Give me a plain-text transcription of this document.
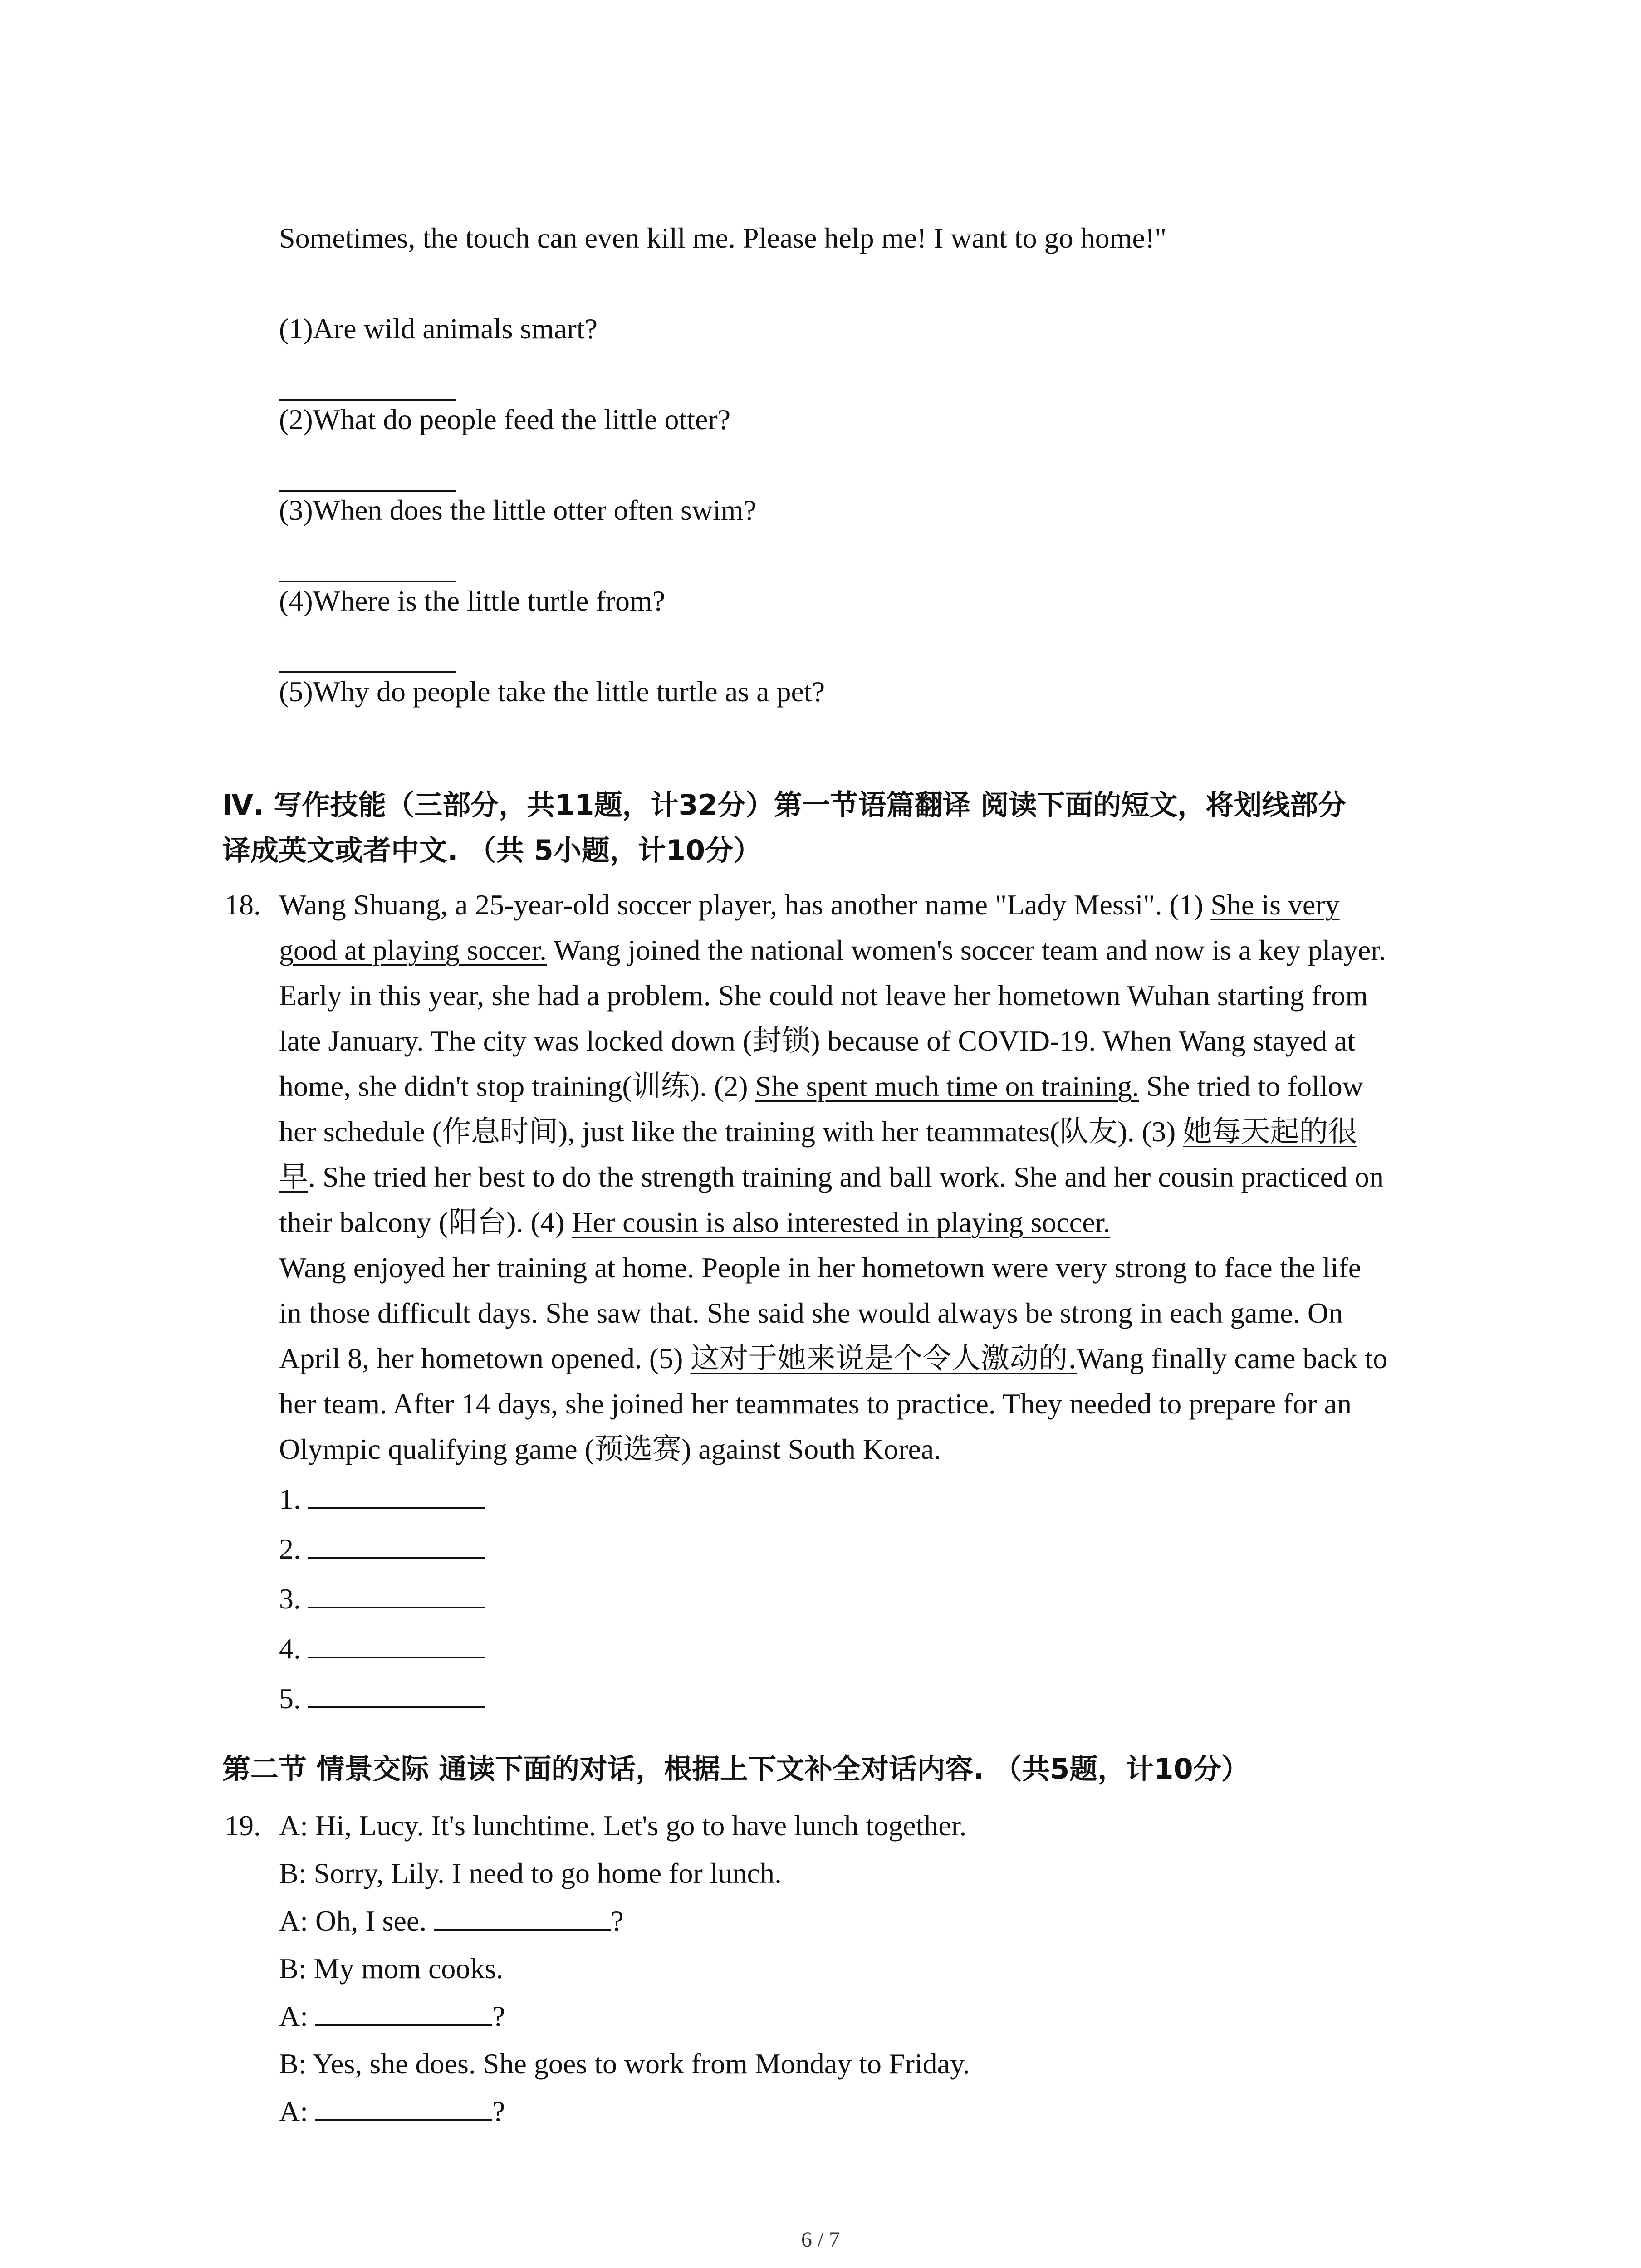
Sometimes, the touch can even kill me. Please help me! I want to go home!"
(1)Are wild animals smart?
(2)What do people feed the little otter?
(3)When does the little otter often swim?
(4)Where is the little turtle from?
(5)Why do people take the little turtle as a pet?
Ⅳ. 写作技能（三部分，共11题，计32分）第一节语篇翻译 阅读下面的短文，将划线部分
译成英文或者中文. （共 5小题，计10分）
18. Wang Shuang, a 25-year-old soccer player, has another name "Lady Messi". (1) She is very
good at playing soccer. Wang joined the national women's soccer team and now is a key player.
Early in this year, she had a problem. She could not leave her hometown Wuhan starting from
late January. The city was locked down (封锁) because of COVID-19. When Wang stayed at
home, she didn't stop training(训练). (2) She spent much time on training. She tried to follow
her schedule (作息时间), just like the training with her teammates(队友). (3) 她每天起的很
早. She tried her best to do the strength training and ball work. She and her cousin practiced on
their balcony (阳台). (4) Her cousin is also interested in playing soccer.
Wang enjoyed her training at home. People in her hometown were very strong to face the life
in those difficult days. She saw that. She said she would always be strong in each game. On
April 8, her hometown opened. (5) 这对于她来说是个令人激动的.Wang finally came back to
her team. After 14 days, she joined her teammates to practice. They needed to prepare for an
Olympic qualifying game (预选赛) against South Korea.
1.
2.
3.
4.
5.
第二节 情景交际 通读下面的对话，根据上下文补全对话内容. （共5题，计10分）
19. A: Hi, Lucy. It's lunchtime. Let's go to have lunch together.
B: Sorry, Lily. I need to go home for lunch.
A: Oh, I see.	?
B: My mom cooks.
A:	?
B: Yes, she does. She goes to work from Monday to Friday.
A:	?
6 / 7
